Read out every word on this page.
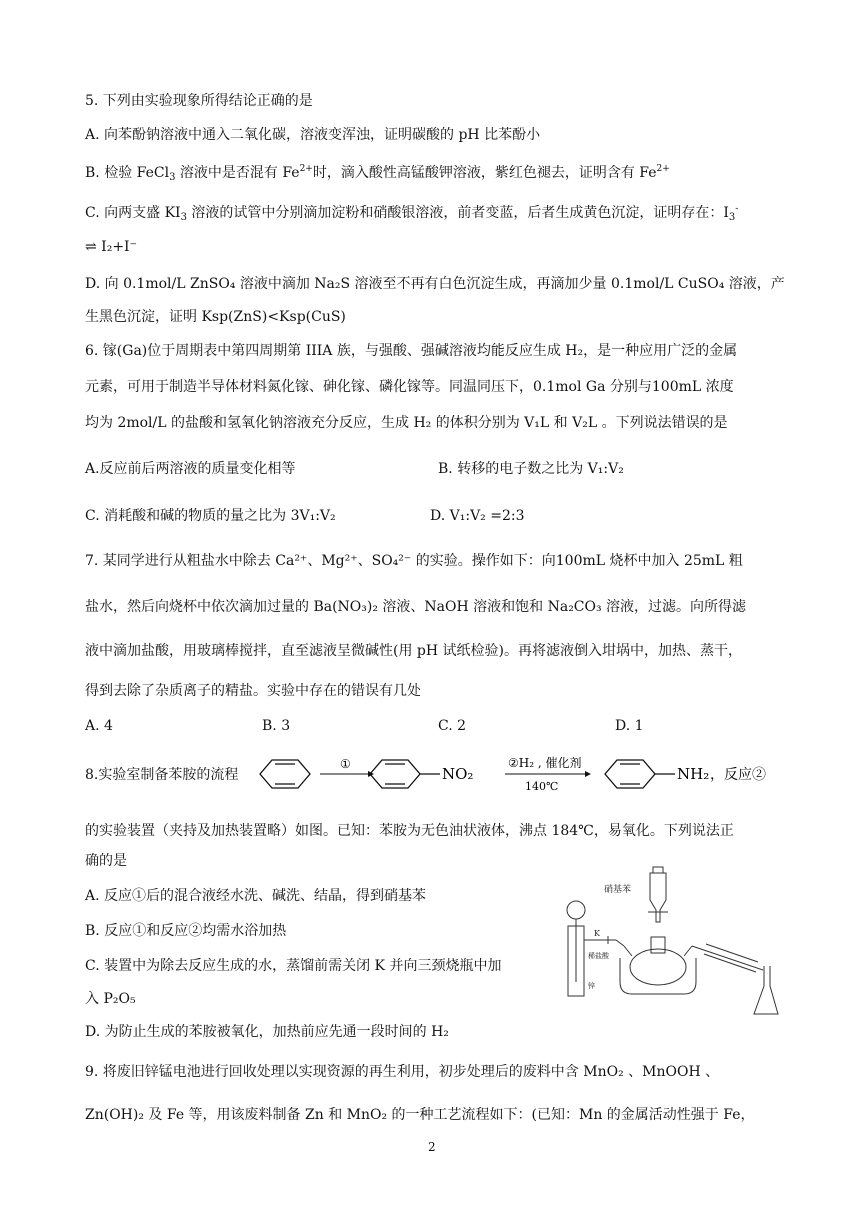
5. 下列由实验现象所得结论正确的是
A. 向苯酚钠溶液中通入二氧化碳，溶液变浑浊，证明碳酸的 pH 比苯酚小
B. 检验 FeCl$_3$ 溶液中是否混有 $Fe^{2+}$时，滴入酸性高锰酸钾溶液，紫红色褪去，证明含有 $Fe^{2+}$
C. 向两支盛 $KI_3$ 溶液的试管中分别滴加淀粉和硝酸银溶液，前者变蓝，后者生成黄色沉淀，证明存在：$I_3^-$
⇌ I₂+I⁻
D. 向 0.1mol/L ZnSO₄ 溶液中滴加 Na₂S 溶液至不再有白色沉淀生成，再滴加少量 0.1mol/L CuSO₄ 溶液，产
生黑色沉淀，证明 Ksp(ZnS)<Ksp(CuS)
6. 镓(Ga)位于周期表中第四周期第 IIIA 族，与强酸、强碱溶液均能反应生成 H₂，是一种应用广泛的金属
元素，可用于制造半导体材料氮化镓、砷化镓、磷化镓等。同温同压下，0.1mol Ga 分别与100mL 浓度
均为 2mol/L 的盐酸和氢氧化钠溶液充分反应，生成 H₂ 的体积分别为 V₁L 和 V₂L 。下列说法错误的是
A.反应前后两溶液的质量变化相等	B. 转移的电子数之比为 V₁:V₂
C. 消耗酸和碱的物质的量之比为 3V₁:V₂	D. V₁:V₂ =2:3
7. 某同学进行从粗盐水中除去 Ca²⁺、Mg²⁺、SO₄²⁻ 的实验。操作如下：向100mL 烧杯中加入 25mL 粗
盐水，然后向烧杯中依次滴加过量的 Ba(NO₃)₂ 溶液、NaOH 溶液和饱和 Na₂CO₃ 溶液，过滤。向所得滤
液中滴加盐酸，用玻璃棒搅拌，直至滤液呈微碱性(用 pH 试纸检验)。再将滤液倒入坩埚中，加热、蒸干，
得到去除了杂质离子的精盐。实验中存在的错误有几处
A. 4	B. 3	C. 2	D. 1
8.实验室制备苯胺的流程
①
NO₂
②H₂ , 催化剂
140℃
NH₂ ，反应②
的实验装置（夹持及加热装置略）如图。已知：苯胺为无色油状液体，沸点 184℃，易氧化。下列说法正
确的是
A. 反应①后的混合液经水洗、碱洗、结晶，得到硝基苯
B. 反应①和反应②均需水浴加热
C. 装置中为除去反应生成的水，蒸馏前需关闭 K 并向三颈烧瓶中加
入 P₂O₅
D. 为防止生成的苯胺被氧化，加热前应先通一段时间的 H₂
硝基苯
K
稀盐酸
锌
9. 将废旧锌锰电池进行回收处理以实现资源的再生利用，初步处理后的废料中含 MnO₂ 、MnOOH 、
Zn(OH)₂ 及 Fe 等，用该废料制备 Zn 和 MnO₂ 的一种工艺流程如下：(已知：Mn 的金属活动性强于 Fe，
2
